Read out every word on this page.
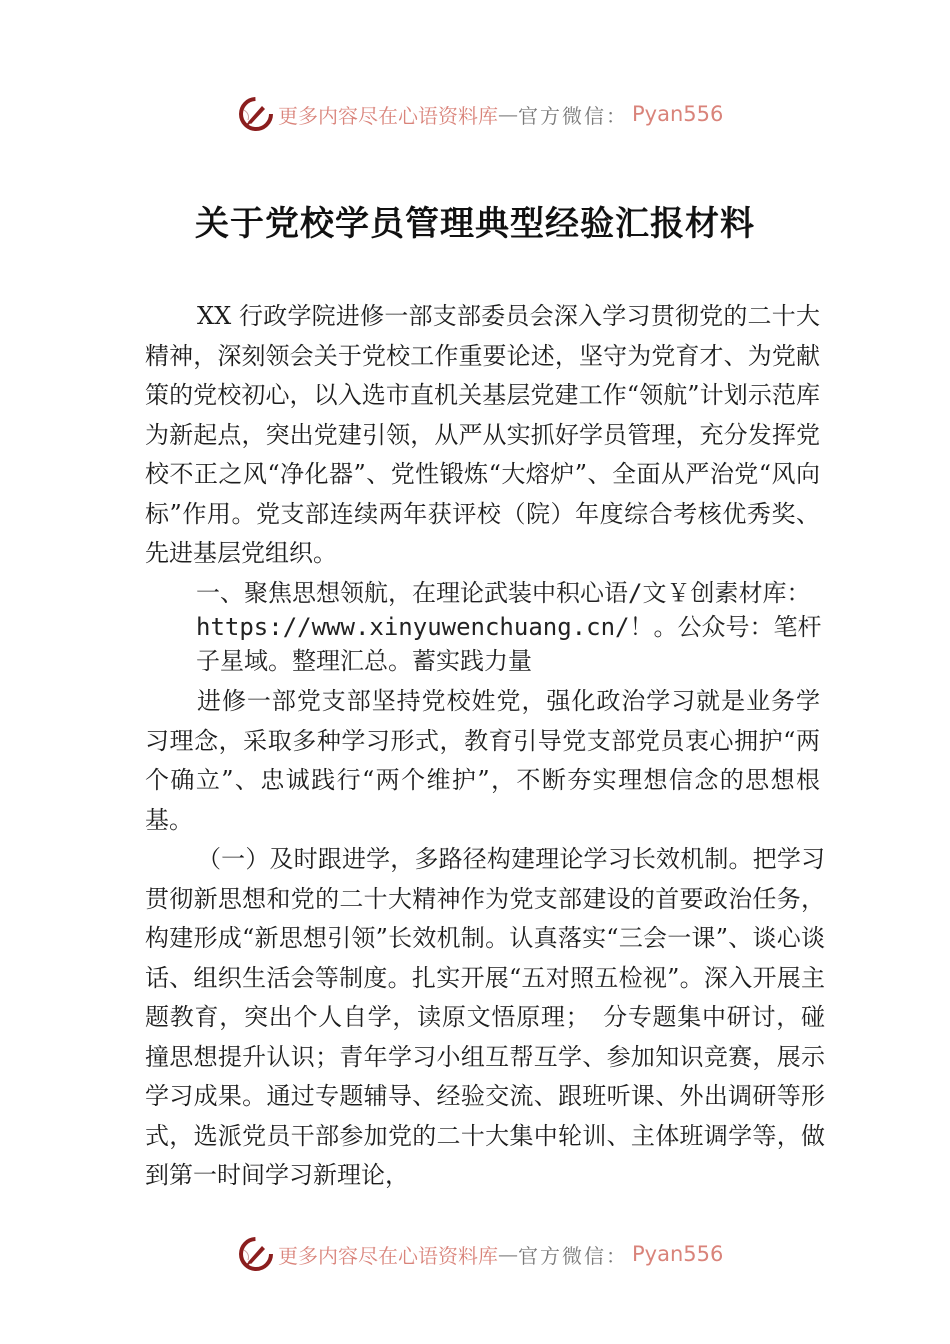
更多内容尽在心语资料库 — 官方微信： Pyan556
关于党校学员管理典型经验汇报材料

XX 行政学院进修一部支部委员会深入学习贯彻党的二十大精神，深刻领会关于党校工作重要论述，坚守为党育才、为党献策的党校初心，以入选市直机关基层党建工作“领航”计划示范库为新起点，突出党建引领，从严从实抓好学员管理，充分发挥党校不正之风“净化器”、党性锻炼“大熔炉”、全面从严治党“风向标”作用。党支部连续两年获评校（院）年度综合考核优秀奖、先进基层党组织。

一、聚焦思想领航，在理论武装中积心语/文￥创素材库：https://www.xinyuwenchuang.cn/！。公众号：笔杆子星域。整理汇总。蓄实践力量

进修一部党支部坚持党校姓党，强化政治学习就是业务学习理念，采取多种学习形式，教育引导党支部党员衷心拥护“两个确立”、忠诚践行“两个维护”，不断夯实理想信念的思想根基。

（一）及时跟进学，多路径构建理论学习长效机制。把学习贯彻新思想和党的二十大精神作为党支部建设的首要政治任务，构建形成“新思想引领”长效机制。认真落实“三会一课”、谈心谈话、组织生活会等制度。扎实开展“五对照五检视”。深入开展主题教育，突出个人自学，读原文悟原理；　分专题集中研讨，碰撞思想提升认识；青年学习小组互帮互学、参加知识竞赛，展示学习成果。通过专题辅导、经验交流、跟班听课、外出调研等形式，选派党员干部参加党的二十大集中轮训、主体班调学等，做到第一时间学习新理论，

更多内容尽在心语资料库 — 官方微信： Pyan556
